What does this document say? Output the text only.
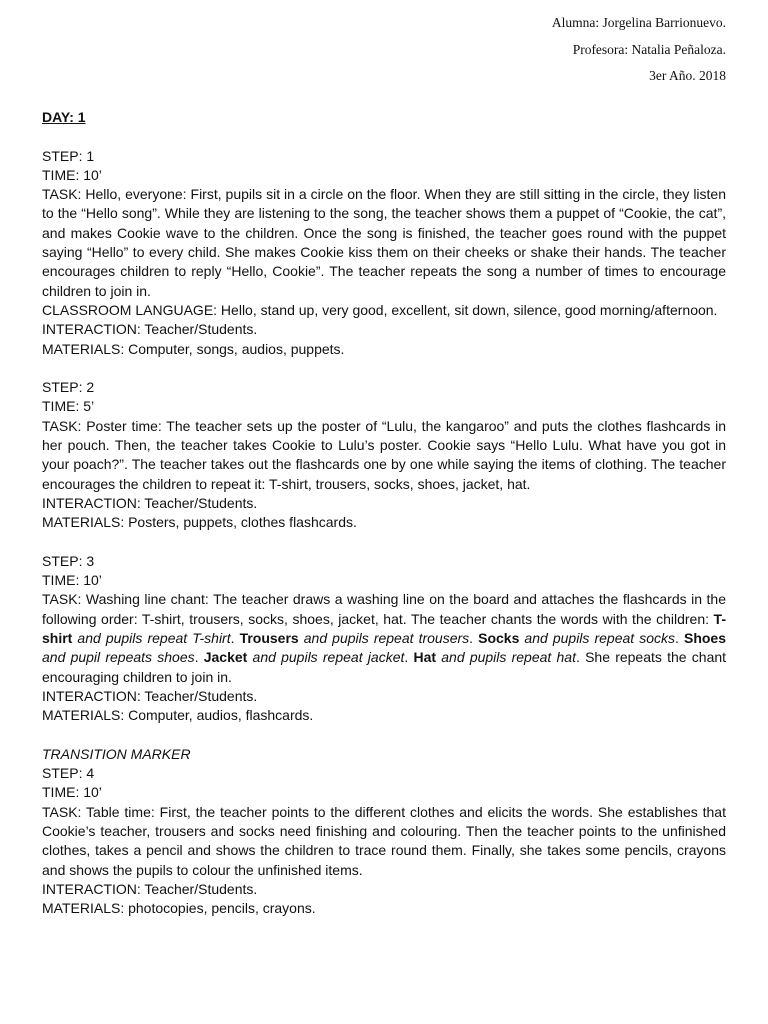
Alumna: Jorgelina Barrionuevo.
Profesora: Natalia Peñaloza.
3er Año. 2018

DAY: 1

STEP: 1

TIME: 10’

TASK: Hello, everyone: First, pupils sit in a circle on the floor. When they are still sitting in the circle, they listen to the “Hello song”. While they are listening to the song, the teacher shows them a puppet of “Cookie, the cat”, and makes Cookie wave to the children. Once the song is finished, the teacher goes round with the puppet saying “Hello” to every child. She makes Cookie kiss them on their cheeks or shake their hands. The teacher encourages children to reply “Hello, Cookie”. The teacher repeats the song a number of times to encourage children to join in.

CLASSROOM LANGUAGE: Hello, stand up, very good, excellent, sit down, silence, good morning/afternoon.

INTERACTION: Teacher/Students.

MATERIALS: Computer, songs, audios, puppets.

STEP: 2

TIME: 5’

TASK: Poster time: The teacher sets up the poster of “Lulu, the kangaroo” and puts the clothes flashcards in her pouch. Then, the teacher takes Cookie to Lulu’s poster. Cookie says “Hello Lulu. What have you got in your poach?”. The teacher takes out the flashcards one by one while saying the items of clothing. The teacher encourages the children to repeat it: T-shirt, trousers, socks, shoes, jacket, hat.

INTERACTION: Teacher/Students.

MATERIALS: Posters, puppets, clothes flashcards.

STEP: 3

TIME: 10’

TASK: Washing line chant: The teacher draws a washing line on the board and attaches the flashcards in the following order: T-shirt, trousers, socks, shoes, jacket, hat. The teacher chants the words with the children: T-shirt and pupils repeat T-shirt. Trousers and pupils repeat trousers. Socks and pupils repeat socks. Shoes and pupil repeats shoes. Jacket and pupils repeat jacket. Hat and pupils repeat hat. She repeats the chant encouraging children to join in.

INTERACTION: Teacher/Students.

MATERIALS: Computer, audios, flashcards.

TRANSITION MARKER

STEP: 4

TIME: 10’

TASK: Table time: First, the teacher points to the different clothes and elicits the words. She establishes that Cookie’s teacher, trousers and socks need finishing and colouring. Then the teacher points to the unfinished clothes, takes a pencil and shows the children to trace round them. Finally, she takes some pencils, crayons and shows the pupils to colour the unfinished items.

INTERACTION: Teacher/Students.

MATERIALS: photocopies, pencils, crayons.
